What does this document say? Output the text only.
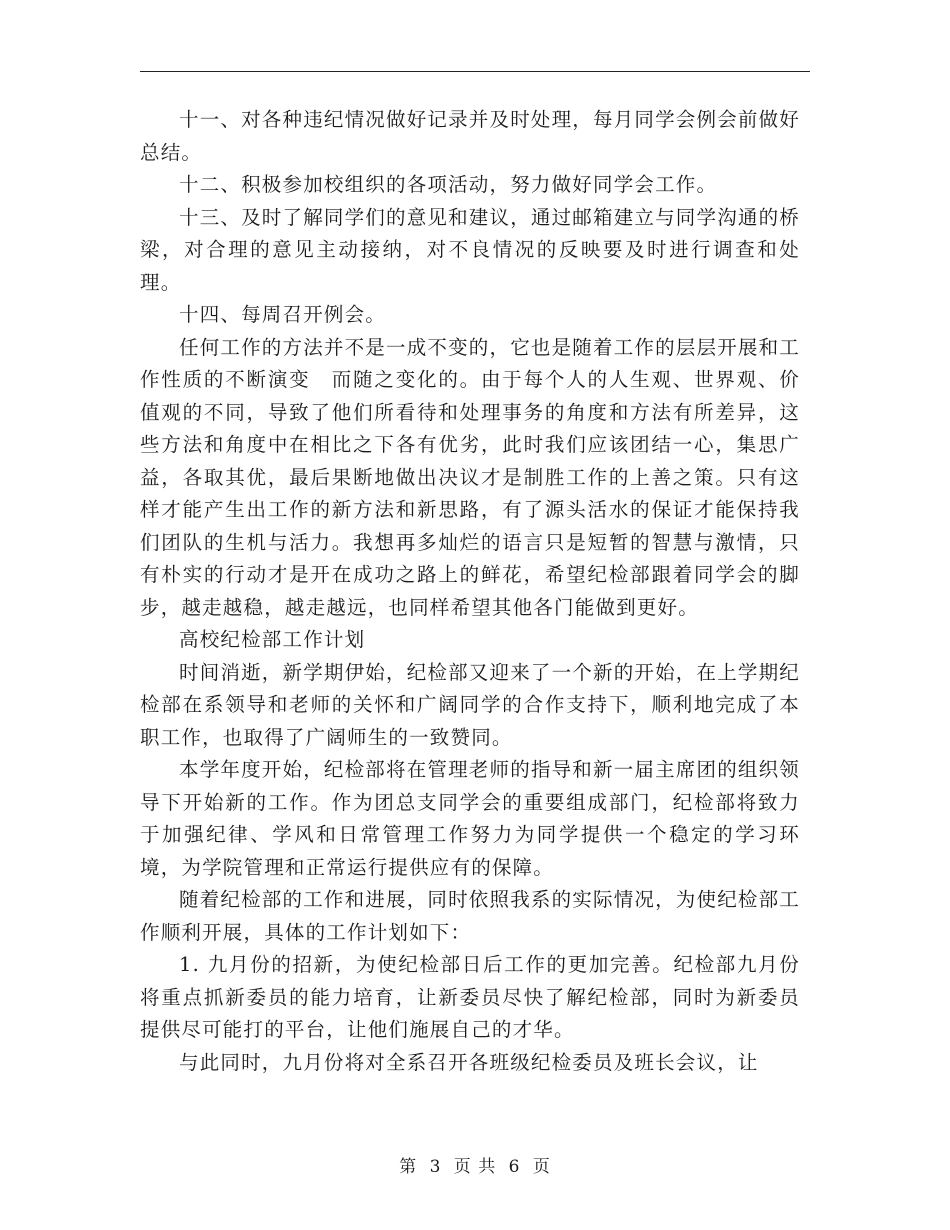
十一、对各种违纪情况做好记录并及时处理，每月同学会例会前做好总结。

十二、积极参加校组织的各项活动，努力做好同学会工作。

十三、及时了解同学们的意见和建议，通过邮箱建立与同学沟通的桥梁，对合理的意见主动接纳，对不良情况的反映要及时进行调查和处理。

十四、每周召开例会。

任何工作的方法并不是一成不变的，它也是随着工作的层层开展和工作性质的不断演变　而随之变化的。由于每个人的人生观、世界观、价值观的不同，导致了他们所看待和处理事务的角度和方法有所差异，这些方法和角度中在相比之下各有优劣，此时我们应该团结一心，集思广益，各取其优，最后果断地做出决议才是制胜工作的上善之策。只有这样才能产生出工作的新方法和新思路，有了源头活水的保证才能保持我们团队的生机与活力。我想再多灿烂的语言只是短暂的智慧与激情，只有朴实的行动才是开在成功之路上的鲜花，希望纪检部跟着同学会的脚步，越走越稳，越走越远，也同样希望其他各门能做到更好。

高校纪检部工作计划

时间消逝，新学期伊始，纪检部又迎来了一个新的开始，在上学期纪检部在系领导和老师的关怀和广阔同学的合作支持下，顺利地完成了本职工作，也取得了广阔师生的一致赞同。

本学年度开始，纪检部将在管理老师的指导和新一届主席团的组织领导下开始新的工作。作为团总支同学会的重要组成部门，纪检部将致力于加强纪律、学风和日常管理工作努力为同学提供一个稳定的学习环境，为学院管理和正常运行提供应有的保障。

随着纪检部的工作和进展，同时依照我系的实际情况，为使纪检部工作顺利开展，具体的工作计划如下：

1. 九月份的招新，为使纪检部日后工作的更加完善。纪检部九月份将重点抓新委员的能力培育，让新委员尽快了解纪检部，同时为新委员提供尽可能打的平台，让他们施展自己的才华。

与此同时，九月份将对全系召开各班级纪检委员及班长会议，让

第 3 页 共 6 页
